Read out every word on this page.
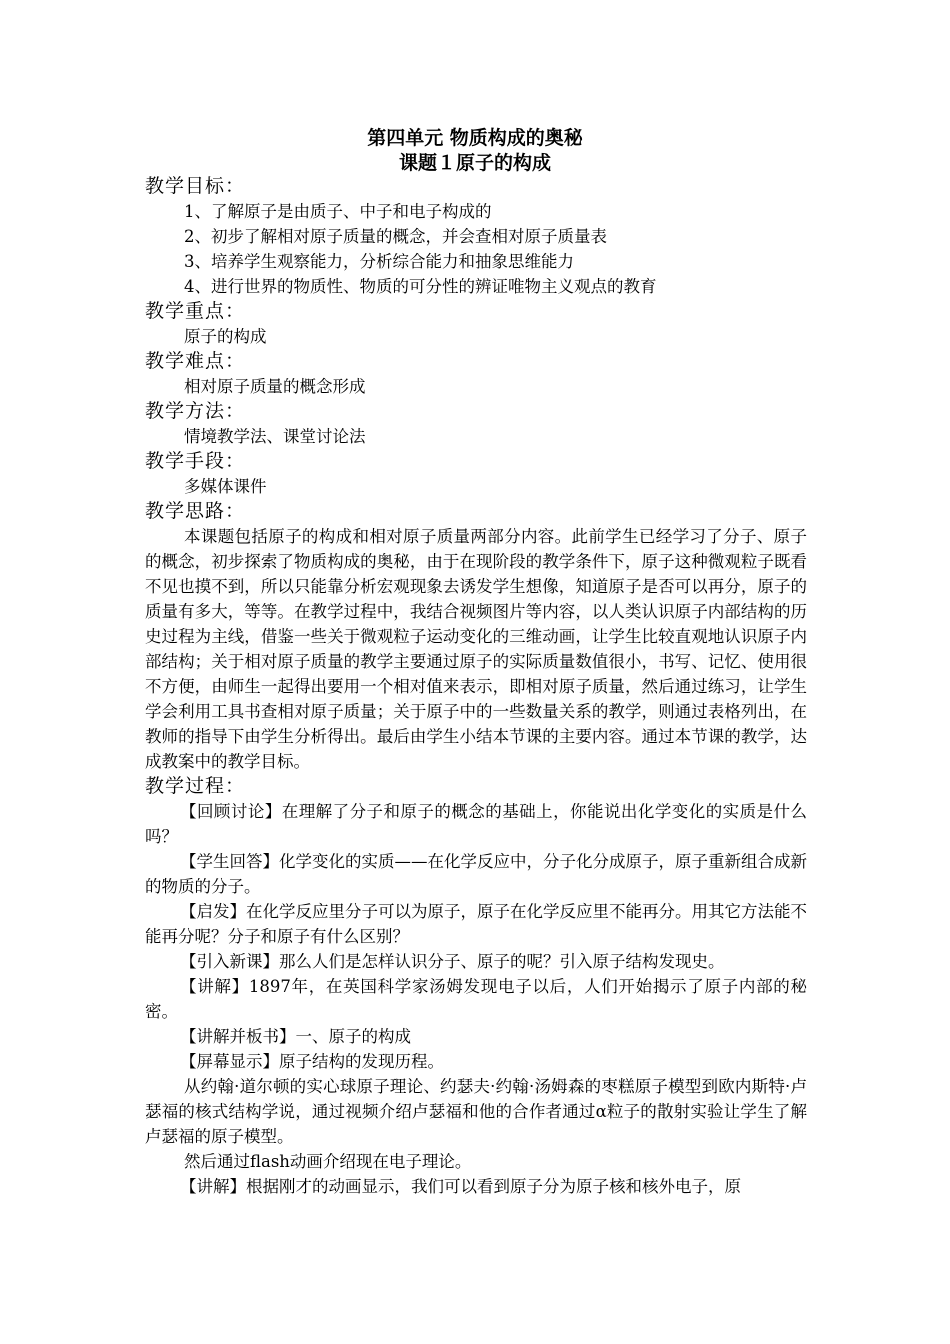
第四单元 物质构成的奥秘
课题１原子的构成
教学目标：
1、了解原子是由质子、中子和电子构成的
2、初步了解相对原子质量的概念，并会查相对原子质量表
3、培养学生观察能力，分析综合能力和抽象思维能力
4、进行世界的物质性、物质的可分性的辨证唯物主义观点的教育
教学重点：
原子的构成
教学难点：
相对原子质量的概念形成
教学方法：
情境教学法、课堂讨论法
教学手段：
多媒体课件
教学思路：

本课题包括原子的构成和相对原子质量两部分内容。此前学生已经学习了分子、原子的概念，初步探索了物质构成的奥秘，由于在现阶段的教学条件下，原子这种微观粒子既看不见也摸不到，所以只能靠分析宏观现象去诱发学生想像，知道原子是否可以再分，原子的质量有多大，等等。在教学过程中，我结合视频图片等内容，以人类认识原子内部结构的历史过程为主线，借鉴一些关于微观粒子运动变化的三维动画，让学生比较直观地认识原子内部结构；关于相对原子质量的教学主要通过原子的实际质量数值很小，书写、记忆、使用很不方便，由师生一起得出要用一个相对值来表示，即相对原子质量，然后通过练习，让学生学会利用工具书查相对原子质量；关于原子中的一些数量关系的教学，则通过表格列出，在教师的指导下由学生分析得出。最后由学生小结本节课的主要内容。通过本节课的教学，达成教案中的教学目标。

教学过程：

【回顾讨论】在理解了分子和原子的概念的基础上，你能说出化学变化的实质是什么吗？

【学生回答】化学变化的实质——在化学反应中，分子化分成原子，原子重新组合成新的物质的分子。

【启发】在化学反应里分子可以为原子，原子在化学反应里不能再分。用其它方法能不能再分呢？分子和原子有什么区别？

【引入新课】那么人们是怎样认识分子、原子的呢？引入原子结构发现史。

【讲解】1897年，在英国科学家汤姆发现电子以后，人们开始揭示了原子内部的秘密。

【讲解并板书】一、原子的构成

【屏幕显示】原子结构的发现历程。

从约翰·道尔顿的实心球原子理论、约瑟夫·约翰·汤姆森的枣糕原子模型到欧内斯特·卢瑟福的核式结构学说，通过视频介绍卢瑟福和他的合作者通过α粒子的散射实验让学生了解卢瑟福的原子模型。

然后通过flash动画介绍现在电子理论。

【讲解】根据刚才的动画显示，我们可以看到原子分为原子核和核外电子，原
